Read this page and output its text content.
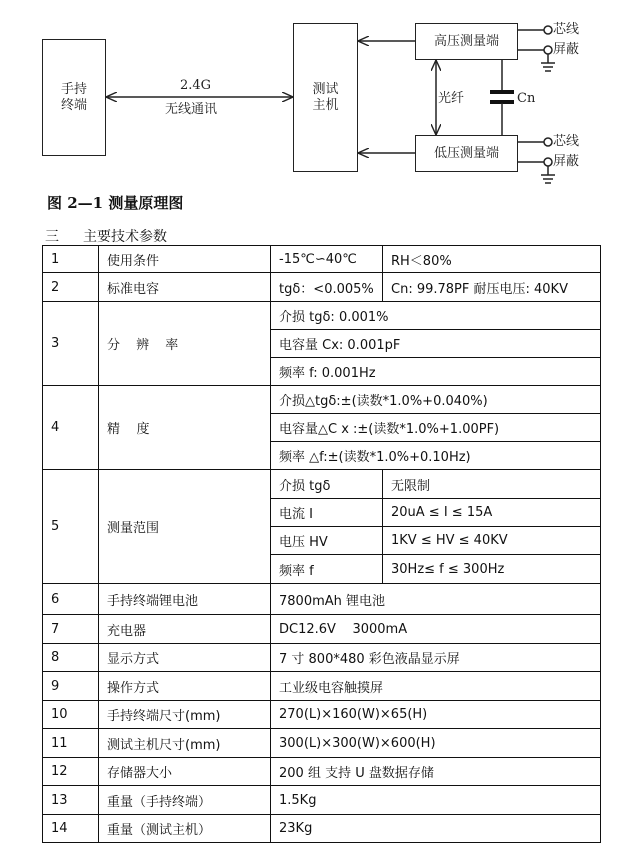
手持
终端
2.4G
无线通讯
测试
主机
高压测量端
低压测量端
光纤	Cn
芯线
屏蔽
芯线
屏蔽
图 2—1 测量原理图
三 主要技术参数
1	使用条件	-15℃∽40℃	RH＜80%
2	标准电容	tgδ：<0.005%	Cn: 99.78PF 耐压电压: 40KV
3	分 辨 率	介损 tgδ: 0.001%	
		电容量 Cx: 0.001pF	
		频率 f: 0.001Hz	
4	精    度	介损△tgδ:±(读数*1.0%+0.040%)	
		电容量△C x :±(读数*1.0%+1.00PF)	
		频率 △f:±(读数*1.0%+0.10Hz)	
5	测量范围	介损 tgδ	无限制
		电流 I	20uA ≤ I ≤ 15A
		电压 HV	1KV ≤ HV ≤ 40KV
		频率 f	30Hz≤ f ≤ 300Hz
6	手持终端锂电池	7800mAh 锂电池	
7	充电器	DC12.6V    3000mA	
8	显示方式	7 寸 800*480 彩色液晶显示屏	
9	操作方式	工业级电容触摸屏	
10	手持终端尺寸(mm)	270(L)×160(W)×65(H)	
11	测试主机尺寸(mm)	300(L)×300(W)×600(H)	
12	存储器大小	200 组 支持 U 盘数据存储	
13	重量（手持终端）	1.5Kg	
14	重量（测试主机）	23Kg	
